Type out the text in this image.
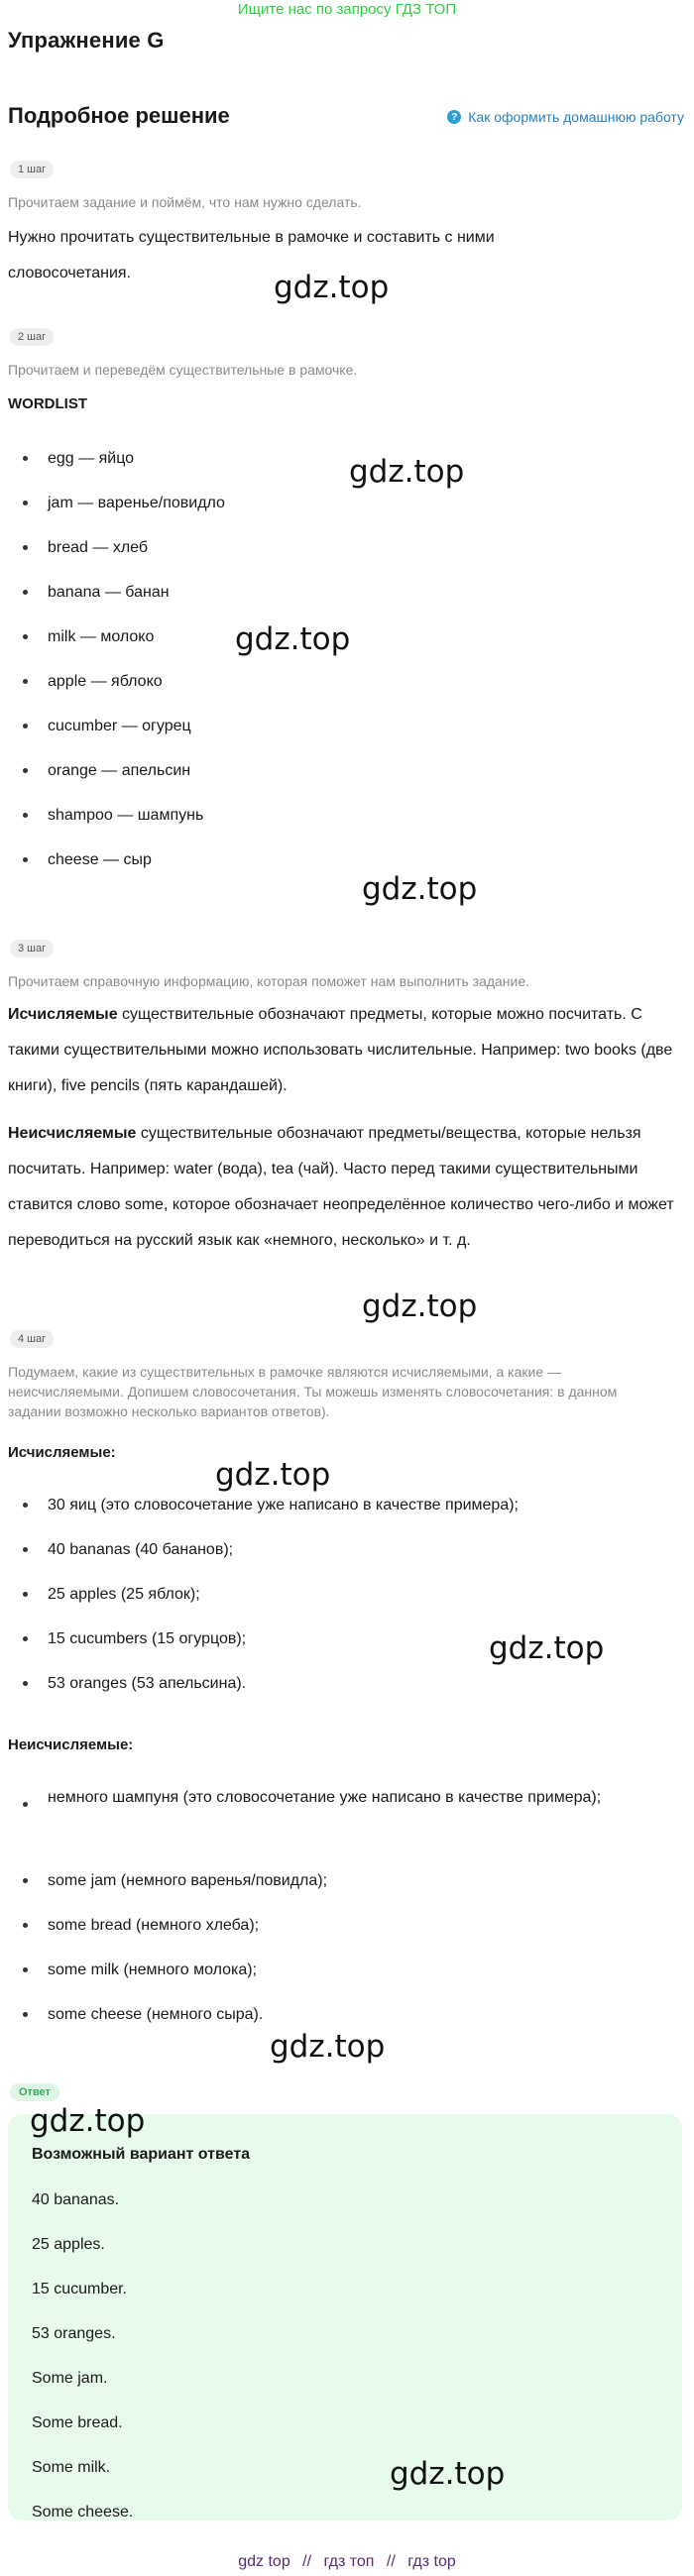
Ищите нас по запросу ГДЗ ТОП
Упражнение G
Подробное решение	? Как оформить домашнюю работу
1 шаг
Прочитаем задание и поймём, что нам нужно сделать.
Нужно прочитать существительные в рамочке и составить с ними словосочетания.
2 шаг
Прочитаем и переведём существительные в рамочке.
WORDLIST
egg — яйцо
jam — варенье/повидло
bread — хлеб
banana — банан
milk — молоко
apple — яблоко
cucumber — огурец
orange — апельсин
shampoo — шампунь
cheese — сыр
3 шаг
Прочитаем справочную информацию, которая поможет нам выполнить задание.
Исчисляемые существительные обозначают предметы, которые можно посчитать. С такими существительными можно использовать числительные. Например: two books (две книги), five pencils (пять карандашей).
Неисчисляемые существительные обозначают предметы/вещества, которые нельзя посчитать. Например: water (вода), tea (чай). Часто перед такими существительными ставится слово some, которое обозначает неопределённое количество чего-либо и может переводиться на русский язык как «немного, несколько» и т. д.
4 шаг
Подумаем, какие из существительных в рамочке являются исчисляемыми, а какие — неисчисляемыми. Допишем словосочетания. Ты можешь изменять словосочетания: в данном задании возможно несколько вариантов ответов).
Исчисляемые:
30 яиц (это словосочетание уже написано в качестве примера);
40 bananas (40 бананов);
25 apples (25 яблок);
15 cucumbers (15 огурцов);
53 oranges (53 апельсина).
Неисчисляемые:
немного шампуня (это словосочетание уже написано в качестве примера);
some jam (немного варенья/повидла);
some bread (немного хлеба);
some milk (немного молока);
some cheese (немного сыра).
Ответ
Возможный вариант ответа
40 bananas.
25 apples.
15 cucumber.
53 oranges.
Some jam.
Some bread.
Some milk.
Some cheese.
gdz.top
gdz.top
gdz.top
gdz.top
gdz.top
gdz.top
gdz.top
gdz.top
gdz.top
gdz.top
gdz top // гдз топ // гдз top
